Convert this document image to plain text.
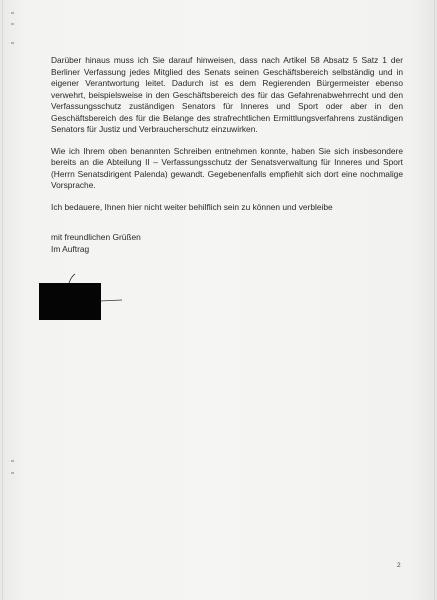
Darüber hinaus muss ich Sie darauf hinweisen, dass nach Artikel 58 Absatz 5 Satz 1 der Berliner Verfassung jedes Mitglied des Senats seinen Geschäftsbereich selbständig und in eigener Verantwortung leitet. Dadurch ist es dem Regierenden Bürgermeister ebenso verwehrt, beispielsweise in den Geschäftsbereich des für das Gefahrenabwehrrecht und den Verfassungsschutz zuständigen Senators für Inneres und Sport oder aber in den Geschäftsbereich des für die Belange des strafrechtlichen Ermittlungsverfahrens zuständigen Senators für Justiz und Verbraucherschutz einzuwirken.

Wie ich Ihrem oben benannten Schreiben entnehmen konnte, haben Sie sich insbesondere bereits an die Abteilung II – Verfassungsschutz der Senatsverwaltung für Inneres und Sport (Herrn Senatsdirigent Palenda) gewandt. Gegebenenfalls empfiehlt sich dort eine nochmalige Vorsprache.

Ich bedauere, Ihnen hier nicht weiter behilflich sein zu können und verbleibe

mit freundlichen Grüßen
Im Auftrag
2
